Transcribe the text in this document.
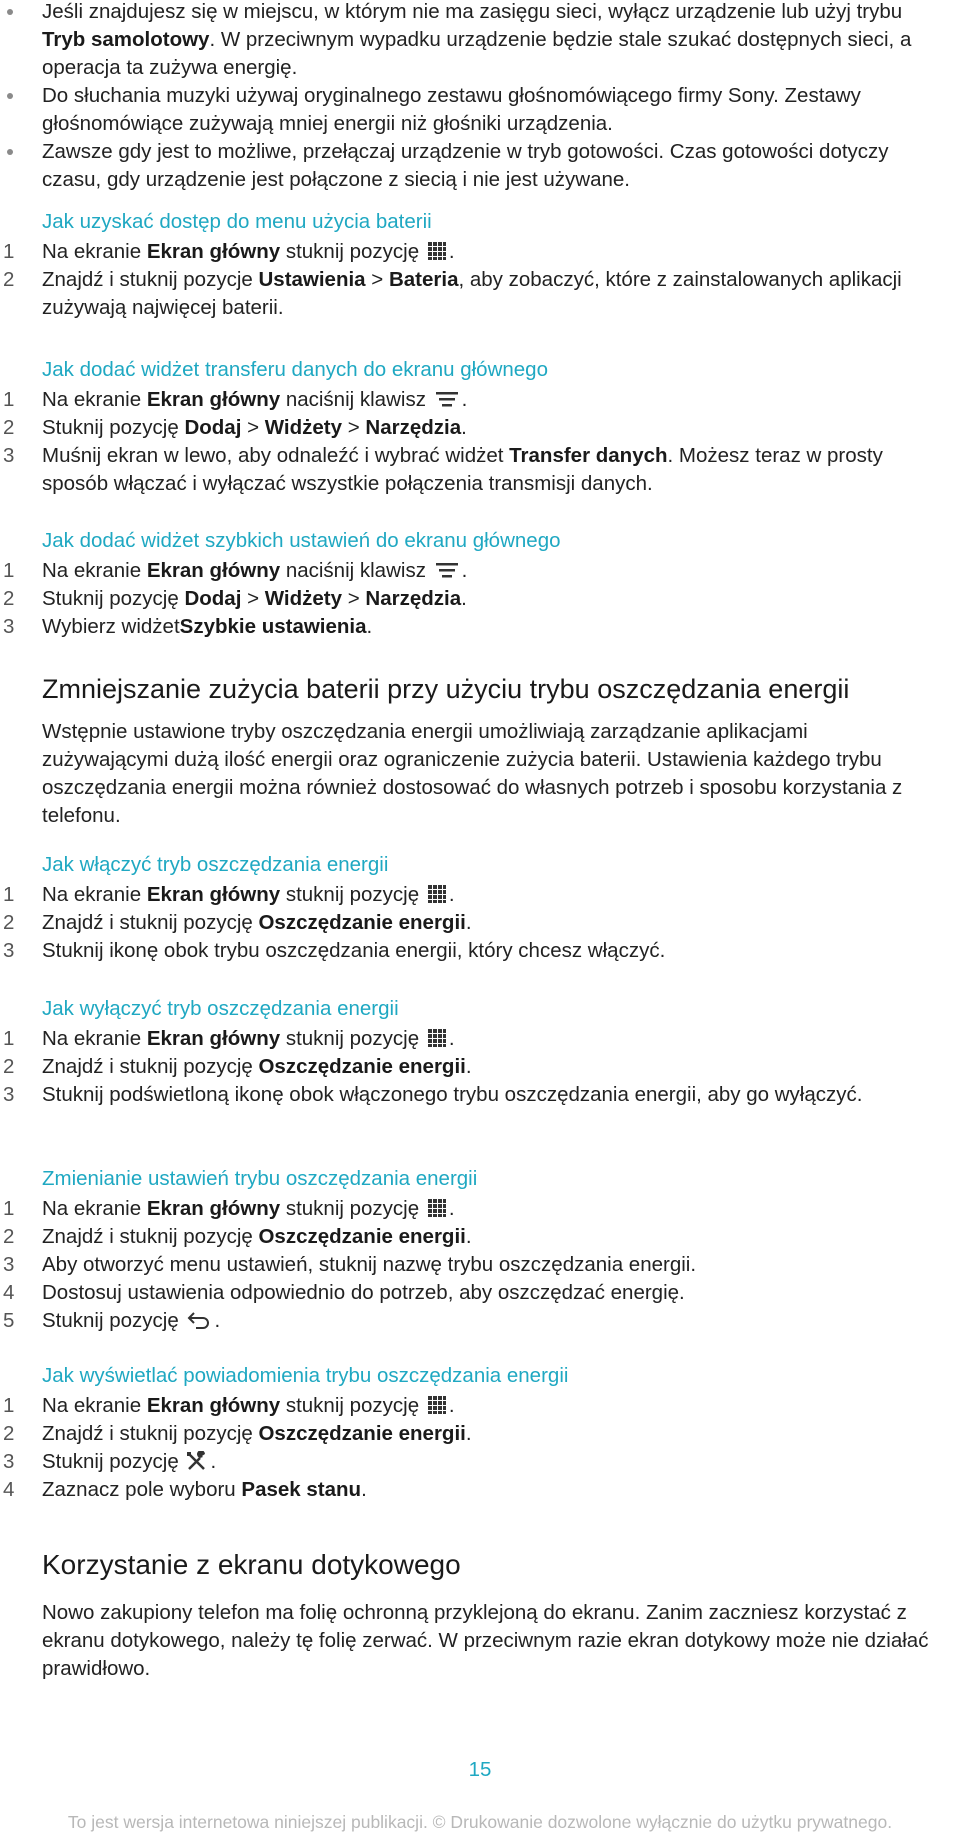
Jeśli znajdujesz się w miejscu, w którym nie ma zasięgu sieci, wyłącz urządzenie lub użyj trybu Tryb samolotowy. W przeciwnym wypadku urządzenie będzie stale szukać dostępnych sieci, a operacja ta zużywa energię.
Do słuchania muzyki używaj oryginalnego zestawu głośnomówiącego firmy Sony. Zestawy głośnomówiące zużywają mniej energii niż głośniki urządzenia.
Zawsze gdy jest to możliwe, przełączaj urządzenie w tryb gotowości. Czas gotowości dotyczy czasu, gdy urządzenie jest połączone z siecią i nie jest używane.
Jak uzyskać dostęp do menu użycia baterii
1 Na ekranie Ekran główny stuknij pozycję .
2 Znajdź i stuknij pozycje Ustawienia > Bateria, aby zobaczyć, które z zainstalowanych aplikacji zużywają najwięcej baterii.
Jak dodać widżet transferu danych do ekranu głównego
1 Na ekranie Ekran główny naciśnij klawisz .
2 Stuknij pozycję Dodaj > Widżety > Narzędzia.
3 Muśnij ekran w lewo, aby odnaleźć i wybrać widżet Transfer danych. Możesz teraz w prosty sposób włączać i wyłączać wszystkie połączenia transmisji danych.
Jak dodać widżet szybkich ustawień do ekranu głównego
1 Na ekranie Ekran główny naciśnij klawisz .
2 Stuknij pozycję Dodaj > Widżety > Narzędzia.
3 Wybierz widżetSzybkie ustawienia.
Zmniejszanie zużycia baterii przy użyciu trybu oszczędzania energii
Wstępnie ustawione tryby oszczędzania energii umożliwiają zarządzanie aplikacjami zużywającymi dużą ilość energii oraz ograniczenie zużycia baterii. Ustawienia każdego trybu oszczędzania energii można również dostosować do własnych potrzeb i sposobu korzystania z telefonu.
Jak włączyć tryb oszczędzania energii
1 Na ekranie Ekran główny stuknij pozycję .
2 Znajdź i stuknij pozycję Oszczędzanie energii.
3 Stuknij ikonę obok trybu oszczędzania energii, który chcesz włączyć.
Jak wyłączyć tryb oszczędzania energii
1 Na ekranie Ekran główny stuknij pozycję .
2 Znajdź i stuknij pozycję Oszczędzanie energii.
3 Stuknij podświetloną ikonę obok włączonego trybu oszczędzania energii, aby go wyłączyć.
Zmienianie ustawień trybu oszczędzania energii
1 Na ekranie Ekran główny stuknij pozycję .
2 Znajdź i stuknij pozycję Oszczędzanie energii.
3 Aby otworzyć menu ustawień, stuknij nazwę trybu oszczędzania energii.
4 Dostosuj ustawienia odpowiednio do potrzeb, aby oszczędzać energię.
5 Stuknij pozycję .
Jak wyświetlać powiadomienia trybu oszczędzania energii
1 Na ekranie Ekran główny stuknij pozycję .
2 Znajdź i stuknij pozycję Oszczędzanie energii.
3 Stuknij pozycję .
4 Zaznacz pole wyboru Pasek stanu.
Korzystanie z ekranu dotykowego
Nowo zakupiony telefon ma folię ochronną przyklejoną do ekranu. Zanim zaczniesz korzystać z ekranu dotykowego, należy tę folię zerwać. W przeciwnym razie ekran dotykowy może nie działać prawidłowo.
15
To jest wersja internetowa niniejszej publikacji. © Drukowanie dozwolone wyłącznie do użytku prywatnego.
